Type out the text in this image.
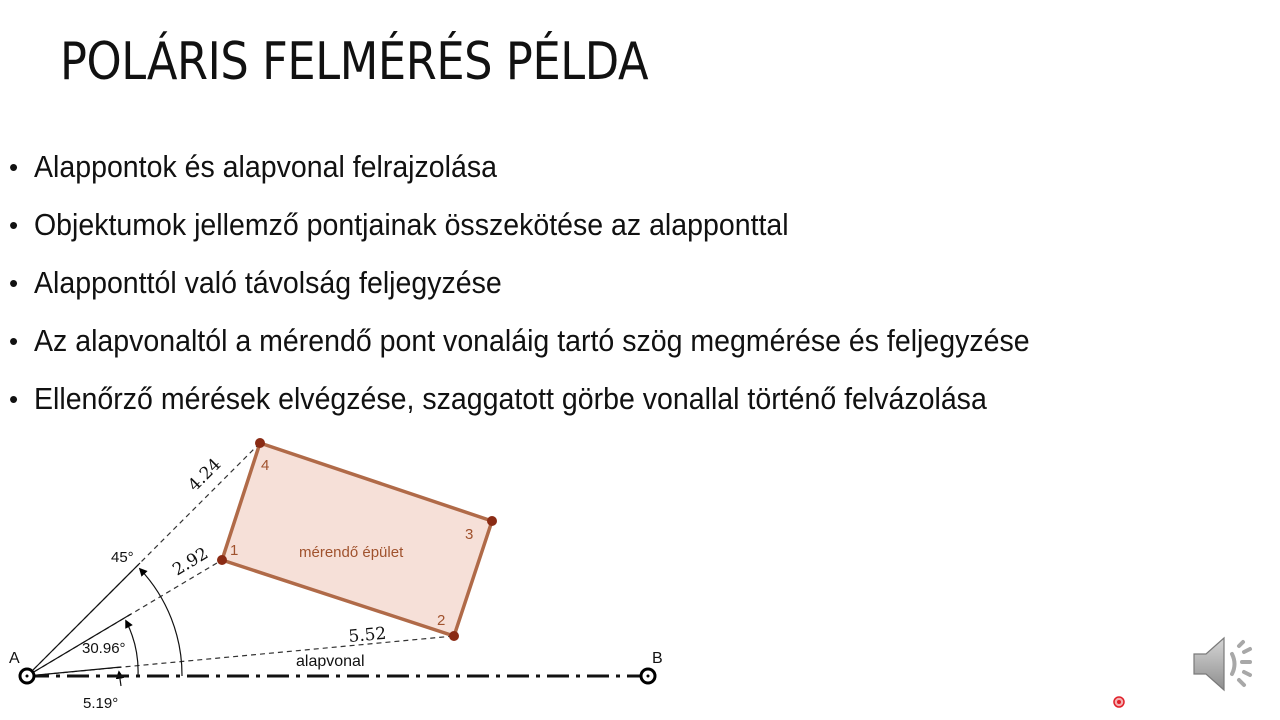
POLÁRIS FELMÉRÉS PÉLDA
• Alappontok és alapvonal felrajzolása
• Objektumok jellemző pontjainak összekötése az alapponttal
• Alapponttól való távolság feljegyzése
• Az alapvonaltól a mérendő pont vonaláig tartó szög megmérése és feljegyzése
• Ellenőrző mérések elvégzése, szaggatott görbe vonallal történő felvázolása
A	B
alapvonal
mérendő épület
1
2
3
4
4.24
2.92
5.52
45°
30.96°
5.19°
